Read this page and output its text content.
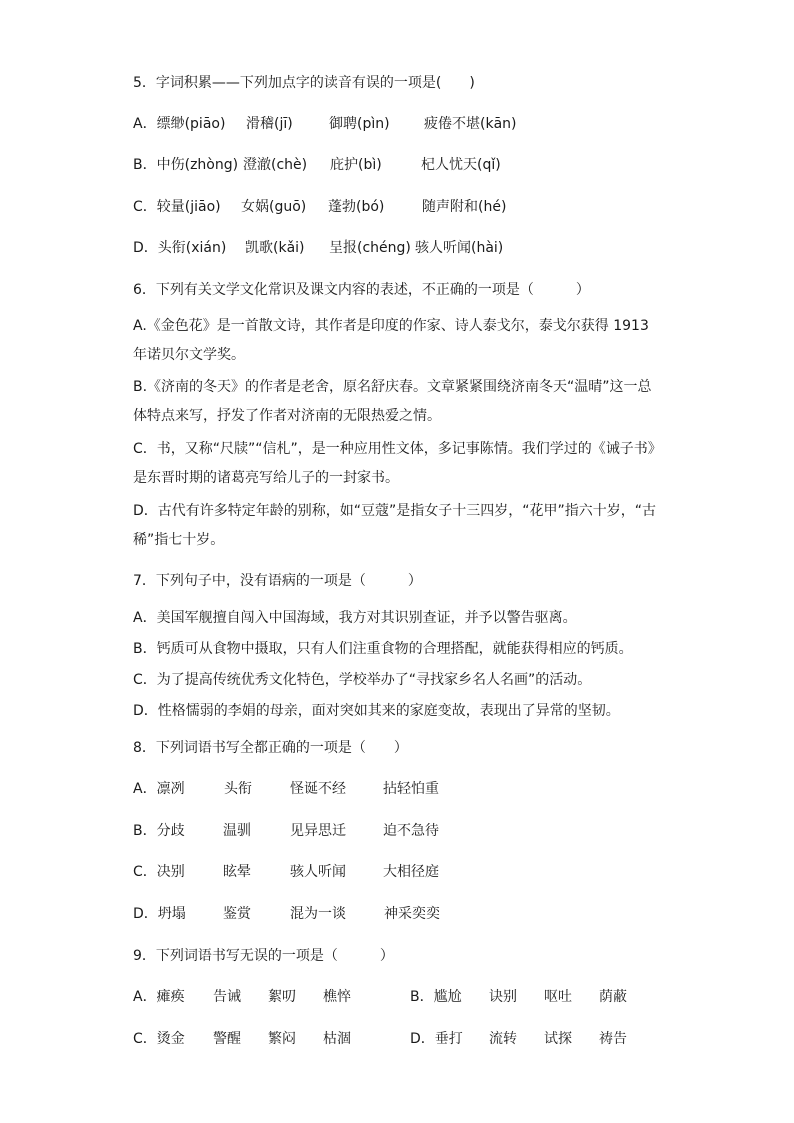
5．字词积累——下列加点字的读音有误的一项是(　　)
A．缥缈(piāo) 滑稽(jī)	御聘(pìn) 疲倦不堪(kān)
B．中伤(zhòng) 澄澈(chè) 庇护(bì)	杞人忧天(qǐ)
C．较量(jiāo) 女娲(guō) 蓬勃(bó)	随声附和(hé)
D．头衔(xián) 凯歌(kǎi) 呈报(chéng) 骇人听闻(hài)
6．下列有关文学文化常识及课文内容的表述，不正确的一项是（　　　）
A.《金色花》是一首散文诗，其作者是印度的作家、诗人泰戈尔，泰戈尔获得 1913 年诺贝尔文学奖。
B.《济南的冬天》的作者是老舍，原名舒庆春。文章紧紧围绕济南冬天“温晴”这一总体特点来写，抒发了作者对济南的无限热爱之情。
C．书，又称“尺牍”“信札”，是一种应用性文体，多记事陈情。我们学过的《诫子书》是东晋时期的诸葛亮写给儿子的一封家书。
D．古代有许多特定年龄的别称，如“豆蔻”是指女子十三四岁，“花甲”指六十岁，“古稀”指七十岁。
7．下列句子中，没有语病的一项是（　　　）
A．美国军舰擅自闯入中国海域，我方对其识别查证，并予以警告驱离。
B．钙质可从食物中摄取，只有人们注重食物的合理搭配，就能获得相应的钙质。
C．为了提高传统优秀文化特色，学校举办了“寻找家乡名人名画”的活动。
D．性格懦弱的李娟的母亲，面对突如其来的家庭变故，表现出了异常的坚韧。
8．下列词语书写全都正确的一项是（　　）
A．凛冽	头衔	怪诞不经	拈轻怕重
B．分歧	温驯	见异思迁	迫不急待
C．决别	眩晕	骇人听闻	大相径庭
D．坍塌	鉴赏	混为一谈	神采奕奕
9．下列词语书写无误的一项是（　　　）
A．瘫痪 告诫 絮叨 樵悴	B．尴尬 诀别 呕吐 荫蔽
C．烫金 警醒 繁闷 枯涸	D．垂打 流转 试探 祷告
